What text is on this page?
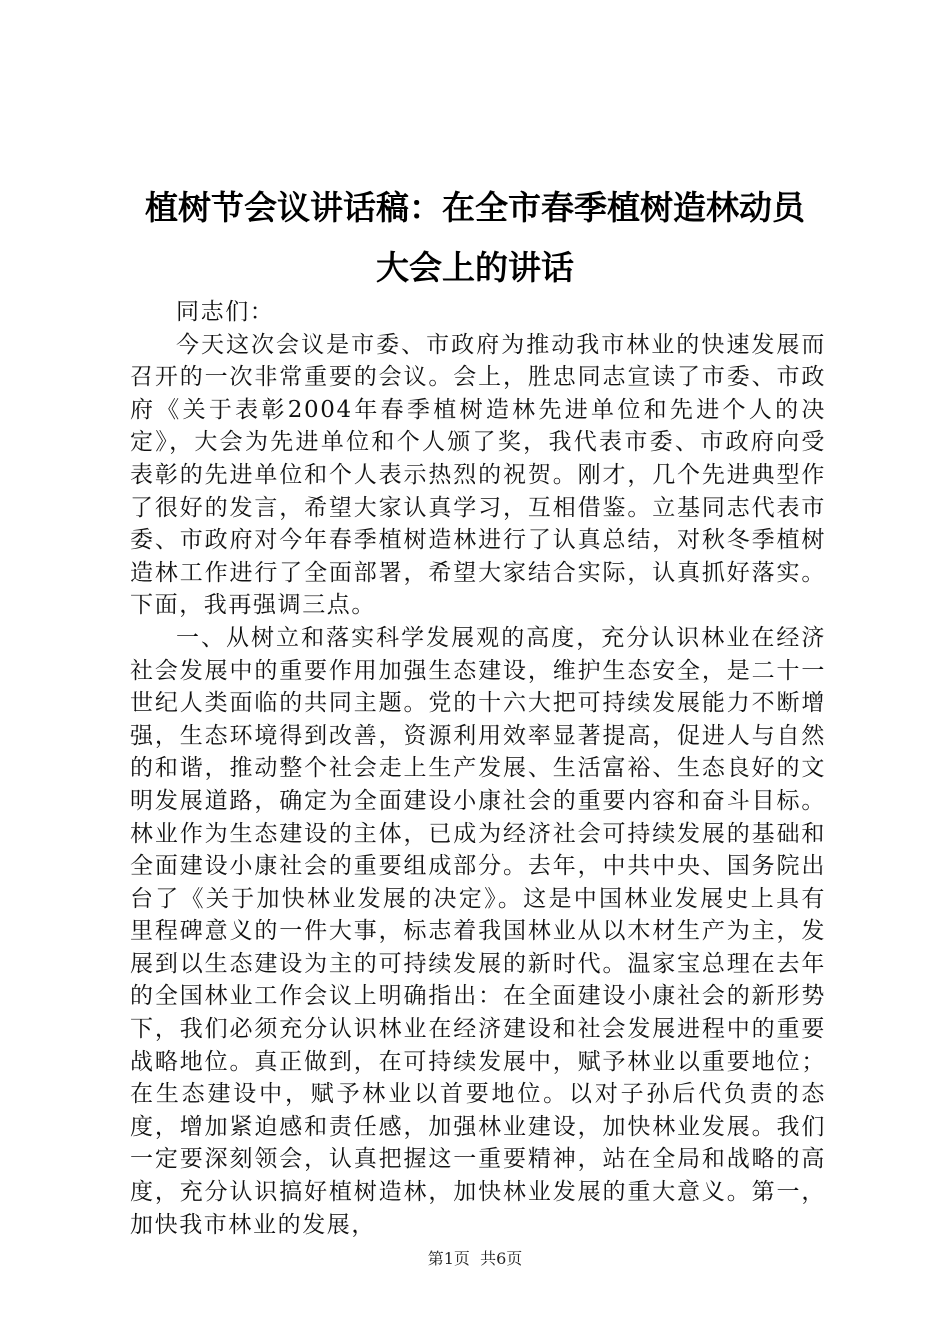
植树节会议讲话稿：在全市春季植树造林动员
大会上的讲话

同志们：

今天这次会议是市委、市政府为推动我市林业的快速发展而召开的一次非常重要的会议。会上，胜忠同志宣读了市委、市政府《关于表彰2004年春季植树造林先进单位和先进个人的决定》，大会为先进单位和个人颁了奖，我代表市委、市政府向受表彰的先进单位和个人表示热烈的祝贺。刚才，几个先进典型作了很好的发言，希望大家认真学习，互相借鉴。立基同志代表市委、市政府对今年春季植树造林进行了认真总结，对秋冬季植树造林工作进行了全面部署，希望大家结合实际，认真抓好落实。下面，我再强调三点。

一、从树立和落实科学发展观的高度，充分认识林业在经济社会发展中的重要作用加强生态建设，维护生态安全，是二十一世纪人类面临的共同主题。党的十六大把可持续发展能力不断增强，生态环境得到改善，资源利用效率显著提高，促进人与自然的和谐，推动整个社会走上生产发展、生活富裕、生态良好的文明发展道路，确定为全面建设小康社会的重要内容和奋斗目标。林业作为生态建设的主体，已成为经济社会可持续发展的基础和全面建设小康社会的重要组成部分。去年，中共中央、国务院出台了《关于加快林业发展的决定》。这是中国林业发展史上具有里程碑意义的一件大事，标志着我国林业从以木材生产为主，发展到以生态建设为主的可持续发展的新时代。温家宝总理在去年的全国林业工作会议上明确指出：在全面建设小康社会的新形势下，我们必须充分认识林业在经济建设和社会发展进程中的重要战略地位。真正做到，在可持续发展中，赋予林业以重要地位；在生态建设中，赋予林业以首要地位。以对子孙后代负责的态度，增加紧迫感和责任感，加强林业建设，加快林业发展。我们一定要深刻领会，认真把握这一重要精神，站在全局和战略的高度，充分认识搞好植树造林，加快林业发展的重大意义。第一，加快我市林业的发展，

第1页 共6页
